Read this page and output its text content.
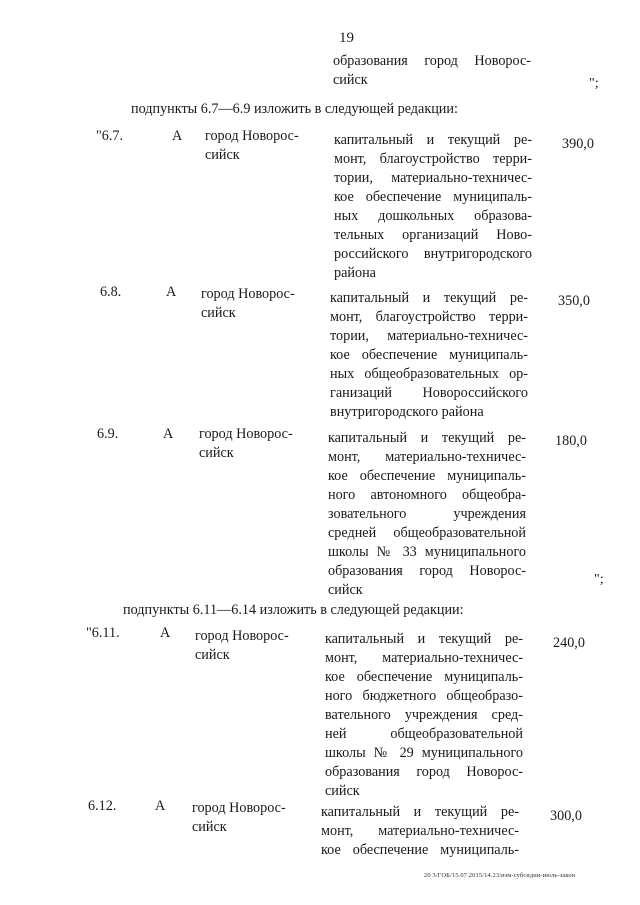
19
образования город Новорос-
сийск	";
подпункты 6.7—6.9 изложить в следующей редакции:
"6.7.	А город Новорос-
сийск
капитальный и текущий ре-
монт, благоустройство терри-
тории, материально-техничес-
кое обеспечение муниципаль-
ных дошкольных образова-
тельных организаций Ново-
российского внутригородского
района
390,0
6.8.	А город Новорос-
сийск
капитальный и текущий ре-
монт, благоустройство терри-
тории, материально-техничес-
кое обеспечение муниципаль-
ных общеобразовательных ор-
ганизаций Новороссийского
внутригородского района
350,0
6.9.	А город Новорос-
сийск
капитальный и текущий ре-
монт, материально-техничес-
кое обеспечение муниципаль-
ного автономного общеобра-
зовательного учреждения
средней общеобразовательной
школы № 33 муниципального
образования город Новорос-
сийск
180,0
";
подпункты 6.11—6.14 изложить в следующей редакции:
"6.11.	А город Новорос-
сийск
капитальный и текущий ре-
монт, материально-техничес-
кое обеспечение муниципаль-
ного бюджетного общеобразо-
вательного учреждения сред-
ней общеобразовательной
школы № 29 муниципального
образования город Новорос-
сийск
240,0
6.12.	А город Новорос-
сийск
капитальный и текущий ре-
монт, материально-техничес-
кое обеспечение муниципаль-
300,0
20 3/ГОБ/15.07.2015/14.23/изм-субсидии-июль-закон
